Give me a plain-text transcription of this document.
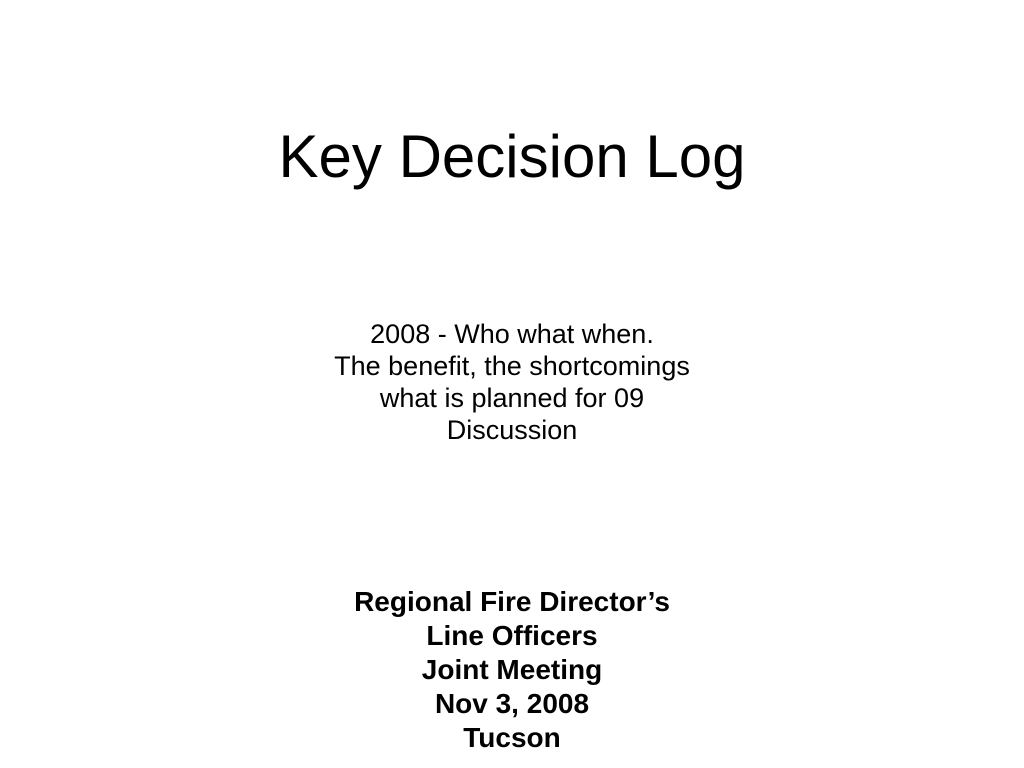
Key Decision Log
2008 - Who what when.
The benefit, the shortcomings
what is planned for 09
Discussion
Regional Fire Director’s
Line Officers
Joint Meeting
Nov 3, 2008
Tucson
